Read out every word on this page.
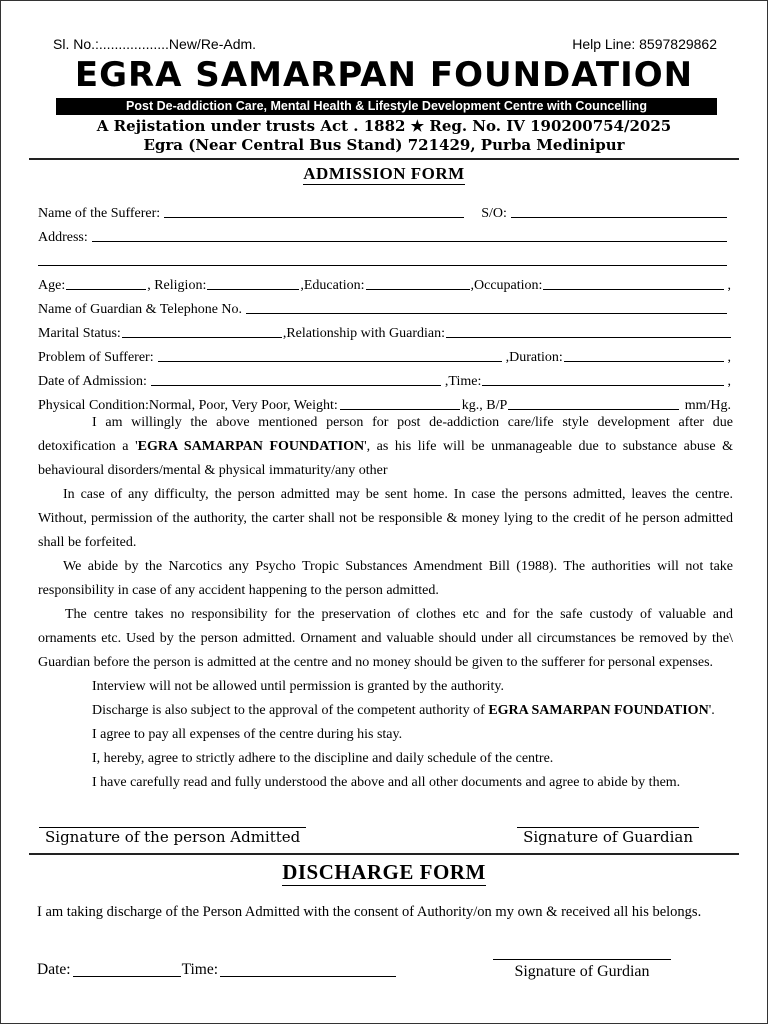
Sl. No.:..................New/Re-Adm.	Help Line: 8597829862
EGRA SAMARPAN FOUNDATION
Post De-addiction Care, Mental Health & Lifestyle Development Centre with Councelling
A Rejistation under trusts Act . 1882 ★ Reg. No. IV 190200754/2025
Egra (Near Central Bus Stand) 721429, Purba Medinipur
ADMISSION FORM
Name of the Sufferer:	S/O:
Address:
Age:	, Religion:	,Education:	,Occupation:	,
Name of Guardian & Telephone No.
Marital Status:	,Relationship with Guardian:
Problem of Sufferer:	,Duration:	,
Date of Admission:	,Time:	,
Physical Condition:Normal, Poor, Very Poor, Weight:	kg., B/P	mm/Hg.

I am willingly the above mentioned person for post de-addiction care/life style development after due detoxification a 'EGRA SAMARPAN FOUNDATION', as his life will be unmanageable due to substance abuse & behavioural disorders/mental & physical immaturity/any other

In case of any difficulty, the person admitted may be sent home. In case the persons admitted, leaves the centre. Without, permission of the authority, the carter shall not be responsible & money lying to the credit of he person admitted shall be forfeited.

We abide by the Narcotics any Psycho Tropic Substances Amendment Bill (1988). The authorities will not take responsibility in case of any accident happening to the person admitted.

The centre takes no responsibility for the preservation of clothes etc and for the safe custody of valuable and ornaments etc. Used by the person admitted. Ornament and valuable should under all circumstances be removed by the\ Guardian before the person is admitted at the centre and no money should be given to the sufferer for personal expenses.

Interview will not be allowed until permission is granted by the authority.

Discharge is also subject to the approval of the competent authority of EGRA SAMARPAN FOUNDATION'.

I agree to pay all expenses of the centre during his stay.

I, hereby, agree to strictly adhere to the discipline and daily schedule of the centre.

I have carefully read and fully understood the above and all other documents and agree to abide by them.

Signature of the person Admitted	Signature of Guardian
DISCHARGE FORM
I am taking discharge of the Person Admitted with the consent of Authority/on my own & received all his belongs.
Date:	Time:	Signature of Gurdian
